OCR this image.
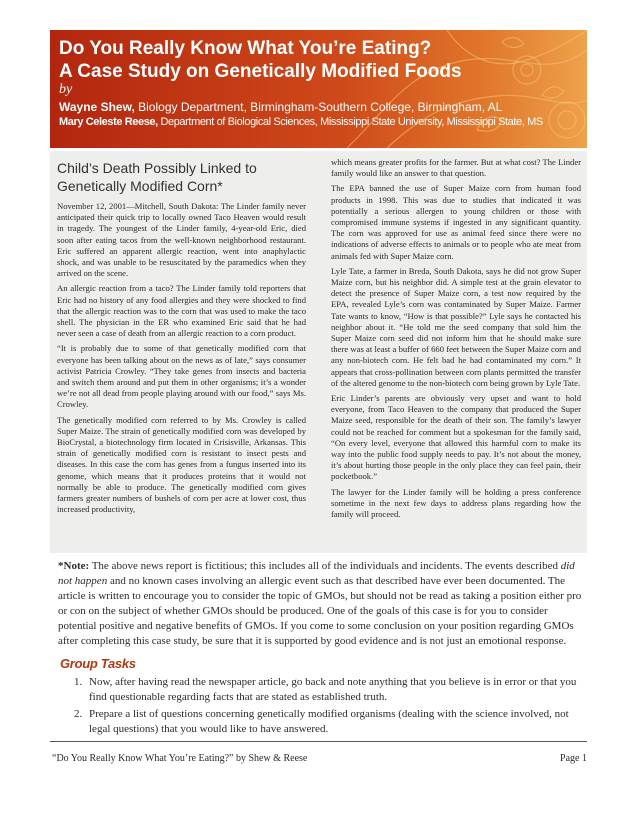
Do You Really Know What You’re Eating?
A Case Study on Genetically Modified Foods
by
Wayne Shew, Biology Department, Birmingham-Southern College, Birmingham, AL
Mary Celeste Reese, Department of Biological Sciences, Mississippi State University, Mississippi State, MS
Child’s Death Possibly Linked to Genetically Modified Corn*

November 12, 2001—Mitchell, South Dakota: The Linder family never anticipated their quick trip to locally owned Taco Heaven would result in tragedy. The youngest of the Linder family, 4-year-old Eric, died soon after eating tacos from the well-known neighborhood restaurant. Eric suffered an apparent allergic reaction, went into anaphylactic shock, and was unable to be resuscitated by the paramedics when they arrived on the scene.

An allergic reaction from a taco? The Linder family told reporters that Eric had no history of any food allergies and they were shocked to find that the allergic reaction was to the corn that was used to make the taco shell. The physician in the ER who examined Eric said that he had never seen a case of death from an allergic reaction to a corn product.

“It is probably due to some of that genetically modified corn that everyone has been talking about on the news as of late,” says consumer activist Patricia Crowley. “They take genes from insects and bacteria and switch them around and put them in other organisms; it’s a wonder we’re not all dead from people playing around with our food,” says Ms. Crowley.

The genetically modified corn referred to by Ms. Crowley is called Super Maize. The strain of genetically modified corn was developed by BioCrystal, a biotechnology firm located in Crisisville, Arkansas. This strain of genetically modified corn is resistant to insect pests and diseases. In this case the corn has genes from a fungus inserted into its genome, which means that it produces proteins that it would not normally be able to produce. The genetically modified corn gives farmers greater numbers of bushels of corn per acre at lower cost, thus increased productivity,

which means greater profits for the farmer. But at what cost? The Linder family would like an answer to that question.

The EPA banned the use of Super Maize corn from human food products in 1998. This was due to studies that indicated it was potentially a serious allergen to young children or those with compromised immune systems if ingested in any significant quantity. The corn was approved for use as animal feed since there were no indications of adverse effects to animals or to people who ate meat from animals fed with Super Maize corn.

Lyle Tate, a farmer in Breda, South Dakota, says he did not grow Super Maize corn, but his neighbor did. A simple test at the grain elevator to detect the presence of Super Maize corn, a test now required by the EPA, revealed Lyle’s corn was contaminated by Super Maize. Farmer Tate wants to know, “How is that possible?” Lyle says he contacted his neighbor about it. “He told me the seed company that sold him the Super Maize corn seed did not inform him that he should make sure there was at least a buffer of 660 feet between the Super Maize corn and any non-biotech corn. He felt bad he had contaminated my corn.” It appears that cross-pollination between corn plants permitted the transfer of the altered genome to the non-biotech corn being grown by Lyle Tate.

Eric Linder’s parents are obviously very upset and want to hold everyone, from Taco Heaven to the company that produced the Super Maize seed, responsible for the death of their son. The family’s lawyer could not be reached for comment but a spokesman for the family said, “On every level, everyone that allowed this harmful corn to make its way into the public food supply needs to pay. It’s not about the money, it’s about hurting those people in the only place they can feel pain, their pocketbook.”

The lawyer for the Linder family will be holding a press conference sometime in the next few days to address plans regarding how the family will proceed.

*Note: The above news report is fictitious; this includes all of the individuals and incidents. The events described did not happen and no known cases involving an allergic event such as that described have ever been documented. The article is written to encourage you to consider the topic of GMOs, but should not be read as taking a position either pro or con on the subject of whether GMOs should be produced. One of the goals of this case is for you to consider potential positive and negative benefits of GMOs. If you come to some conclusion on your position regarding GMOs after completing this case study, be sure that it is supported by good evidence and is not just an emotional response.
Group Tasks
1. Now, after having read the newspaper article, go back and note anything that you believe is in error or that you find questionable regarding facts that are stated as established truth.
2. Prepare a list of questions concerning genetically modified organisms (dealing with the science involved, not legal questions) that you would like to have answered.
“Do You Really Know What You’re Eating?” by Shew & Reese	Page 1
